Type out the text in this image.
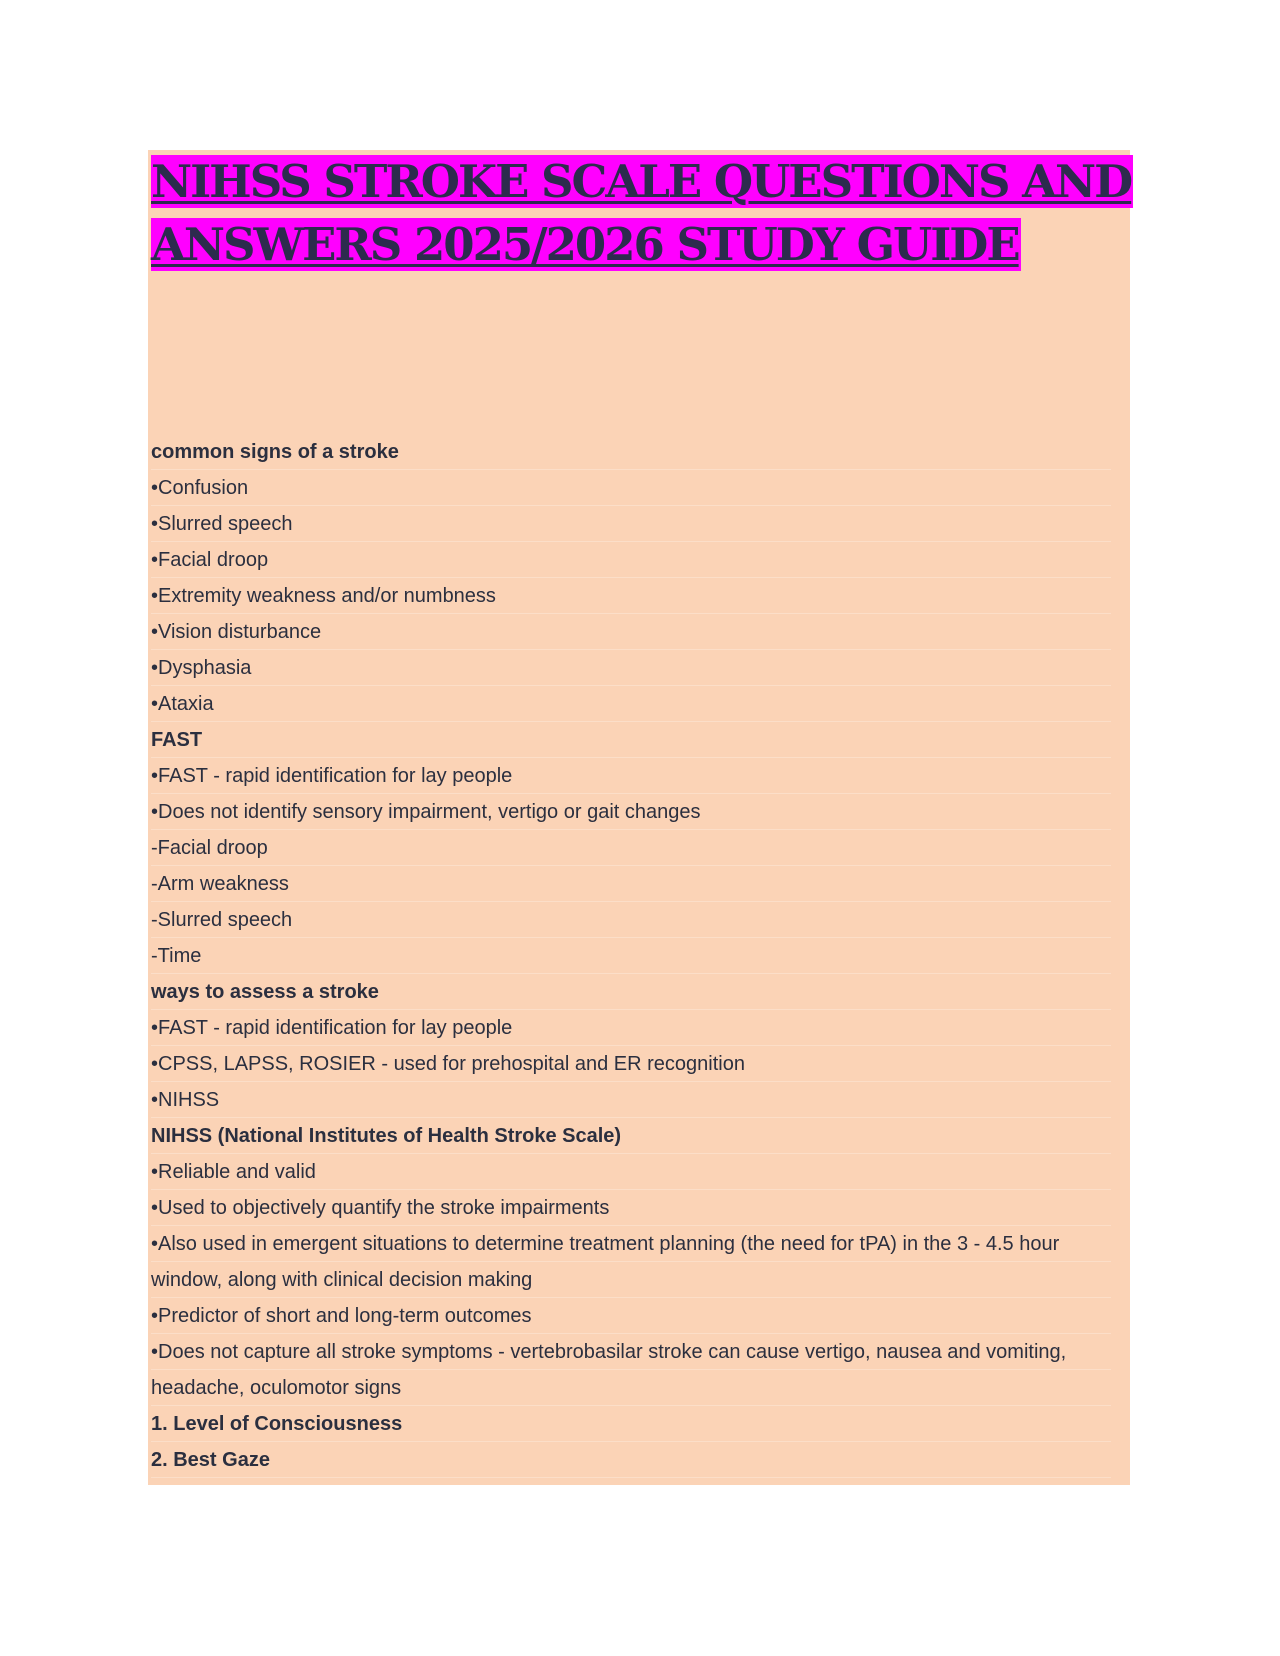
NIHSS STROKE SCALE QUESTIONS AND
ANSWERS 2025/2026 STUDY GUIDE
common signs of a stroke
•Confusion
•Slurred speech
•Facial droop
•Extremity weakness and/or numbness
•Vision disturbance
•Dysphasia
•Ataxia
FAST
•FAST - rapid identification for lay people
•Does not identify sensory impairment, vertigo or gait changes
-Facial droop
-Arm weakness
-Slurred speech
-Time
ways to assess a stroke
•FAST - rapid identification for lay people
•CPSS, LAPSS, ROSIER - used for prehospital and ER recognition
•NIHSS
NIHSS (National Institutes of Health Stroke Scale)
•Reliable and valid
•Used to objectively quantify the stroke impairments
•Also used in emergent situations to determine treatment planning (the need for tPA) in the 3 - 4.5 hour
window, along with clinical decision making
•Predictor of short and long-term outcomes
•Does not capture all stroke symptoms - vertebrobasilar stroke can cause vertigo, nausea and vomiting,
headache, oculomotor signs
1. Level of Consciousness
2. Best Gaze
